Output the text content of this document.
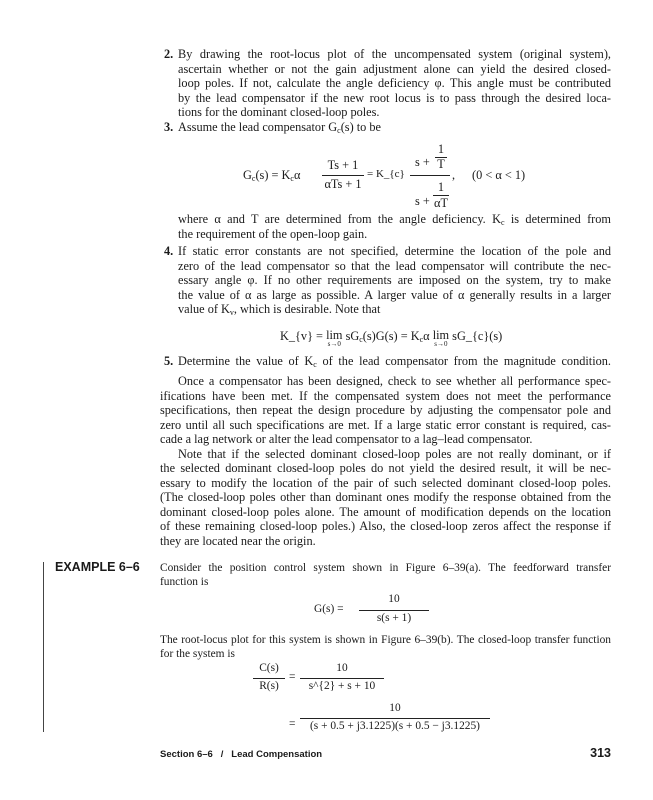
2. By drawing the root-locus plot of the uncompensated system (original system),
ascertain whether or not the gain adjustment alone can yield the desired closed-
loop poles. If not, calculate the angle deficiency φ. This angle must be contributed
by the lead compensator if the new root locus is to pass through the desired loca-
tions for the dominant closed-loop poles.
3. Assume the lead compensator $G_c(s)$ to be
$G_c(s) = K_c\alpha$
Ts + 1
αTs + 1
= K_{c}
s +
1
T
s +
1
αT
, (0 < α < 1)
where α and T are determined from the angle deficiency. $K_c$ is determined from
the requirement of the open-loop gain.
4. If static error constants are not specified, determine the location of the pole and
zero of the lead compensator so that the lead compensator will contribute the nec-
essary angle φ. If no other requirements are imposed on the system, try to make
the value of α as large as possible. A larger value of α generally results in a larger
value of $K_v$, which is desirable. Note that
K_{v} = lim
s→0
$sG_c(s)G(s) = K_c\alpha$ lim
s→0
sG_{c}(s)
5. Determine the value of $K_c$ of the lead compensator from the magnitude condition.
Once a compensator has been designed, check to see whether all performance spec-
ifications have been met. If the compensated system does not meet the performance
specifications, then repeat the design procedure by adjusting the compensator pole and
zero until all such specifications are met. If a large static error constant is required, cas-
cade a lag network or alter the lead compensator to a lag–lead compensator.
Note that if the selected dominant closed-loop poles are not really dominant, or if
the selected dominant closed-loop poles do not yield the desired result, it will be nec-
essary to modify the location of the pair of such selected dominant closed-loop poles.
(The closed-loop poles other than dominant ones modify the response obtained from the
dominant closed-loop poles alone. The amount of modification depends on the location
of these remaining closed-loop poles.) Also, the closed-loop zeros affect the response if
they are located near the origin.
EXAMPLE 6–6 Consider the position control system shown in Figure 6–39(a). The feedforward transfer
function is
G(s) =
10
s(s + 1)
The root-locus plot for this system is shown in Figure 6–39(b). The closed-loop transfer function
for the system is
C(s)
R(s)
=
10
s^{2} + s + 10
=
10
(s + 0.5 + j3.1225)(s + 0.5 − j3.1225)
Section 6–6   /   Lead Compensation	313
